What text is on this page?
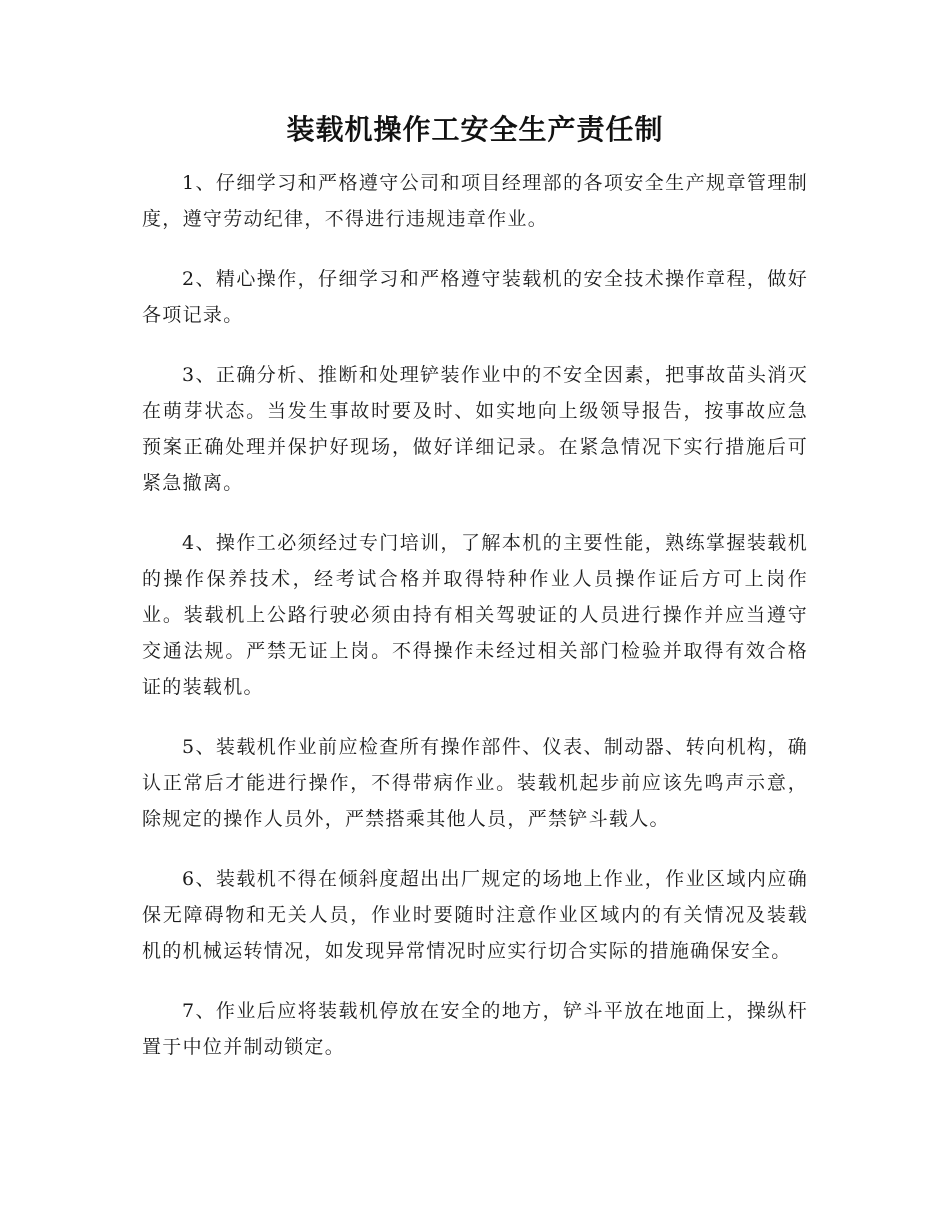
装载机操作工安全生产责任制

1、仔细学习和严格遵守公司和项目经理部的各项安全生产规章管理制度，遵守劳动纪律，不得进行违规违章作业。

2、精心操作，仔细学习和严格遵守装载机的安全技术操作章程，做好各项记录。

3、正确分析、推断和处理铲装作业中的不安全因素，把事故苗头消灭在萌芽状态。当发生事故时要及时、如实地向上级领导报告，按事故应急预案正确处理并保护好现场，做好详细记录。在紧急情况下实行措施后可紧急撤离。

4、操作工必须经过专门培训，了解本机的主要性能，熟练掌握装载机的操作保养技术，经考试合格并取得特种作业人员操作证后方可上岗作业。装载机上公路行驶必须由持有相关驾驶证的人员进行操作并应当遵守交通法规。严禁无证上岗。不得操作未经过相关部门检验并取得有效合格证的装载机。

5、装载机作业前应检查所有操作部件、仪表、制动器、转向机构，确认正常后才能进行操作，不得带病作业。装载机起步前应该先鸣声示意，除规定的操作人员外，严禁搭乘其他人员，严禁铲斗载人。

6、装载机不得在倾斜度超出出厂规定的场地上作业，作业区域内应确保无障碍物和无关人员，作业时要随时注意作业区域内的有关情况及装载机的机械运转情况，如发现异常情况时应实行切合实际的措施确保安全。

7、作业后应将装载机停放在安全的地方，铲斗平放在地面上，操纵杆置于中位并制动锁定。
